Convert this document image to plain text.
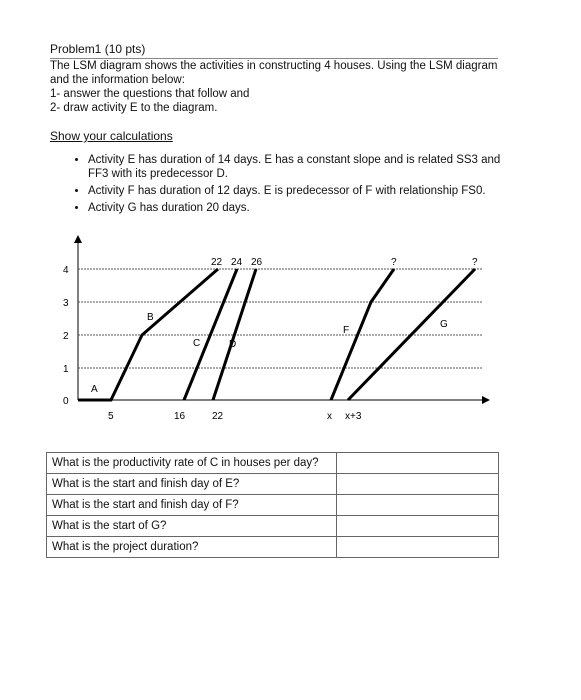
Problem1 (10 pts)
The LSM diagram shows the activities in constructing 4 houses. Using the LSM diagram and the information below:
1- answer the questions that follow and
2- draw activity E to the diagram.
Show your calculations
• Activity E has duration of 14 days. E has a constant slope and is related SS3 and FF3 with its predecessor D.
• Activity F has duration of 12 days. E is predecessor of F with relationship FS0.
• Activity G has duration 20 days.
4
3
2
1
0
A
B
C	D
F
G
22 24 26	?	?
5	16	22	x x+3
What is the productivity rate of C in houses per day?	
What is the start and finish day of E?	
What is the start and finish day of F?	
What is the start of G?	
What is the project duration?	
